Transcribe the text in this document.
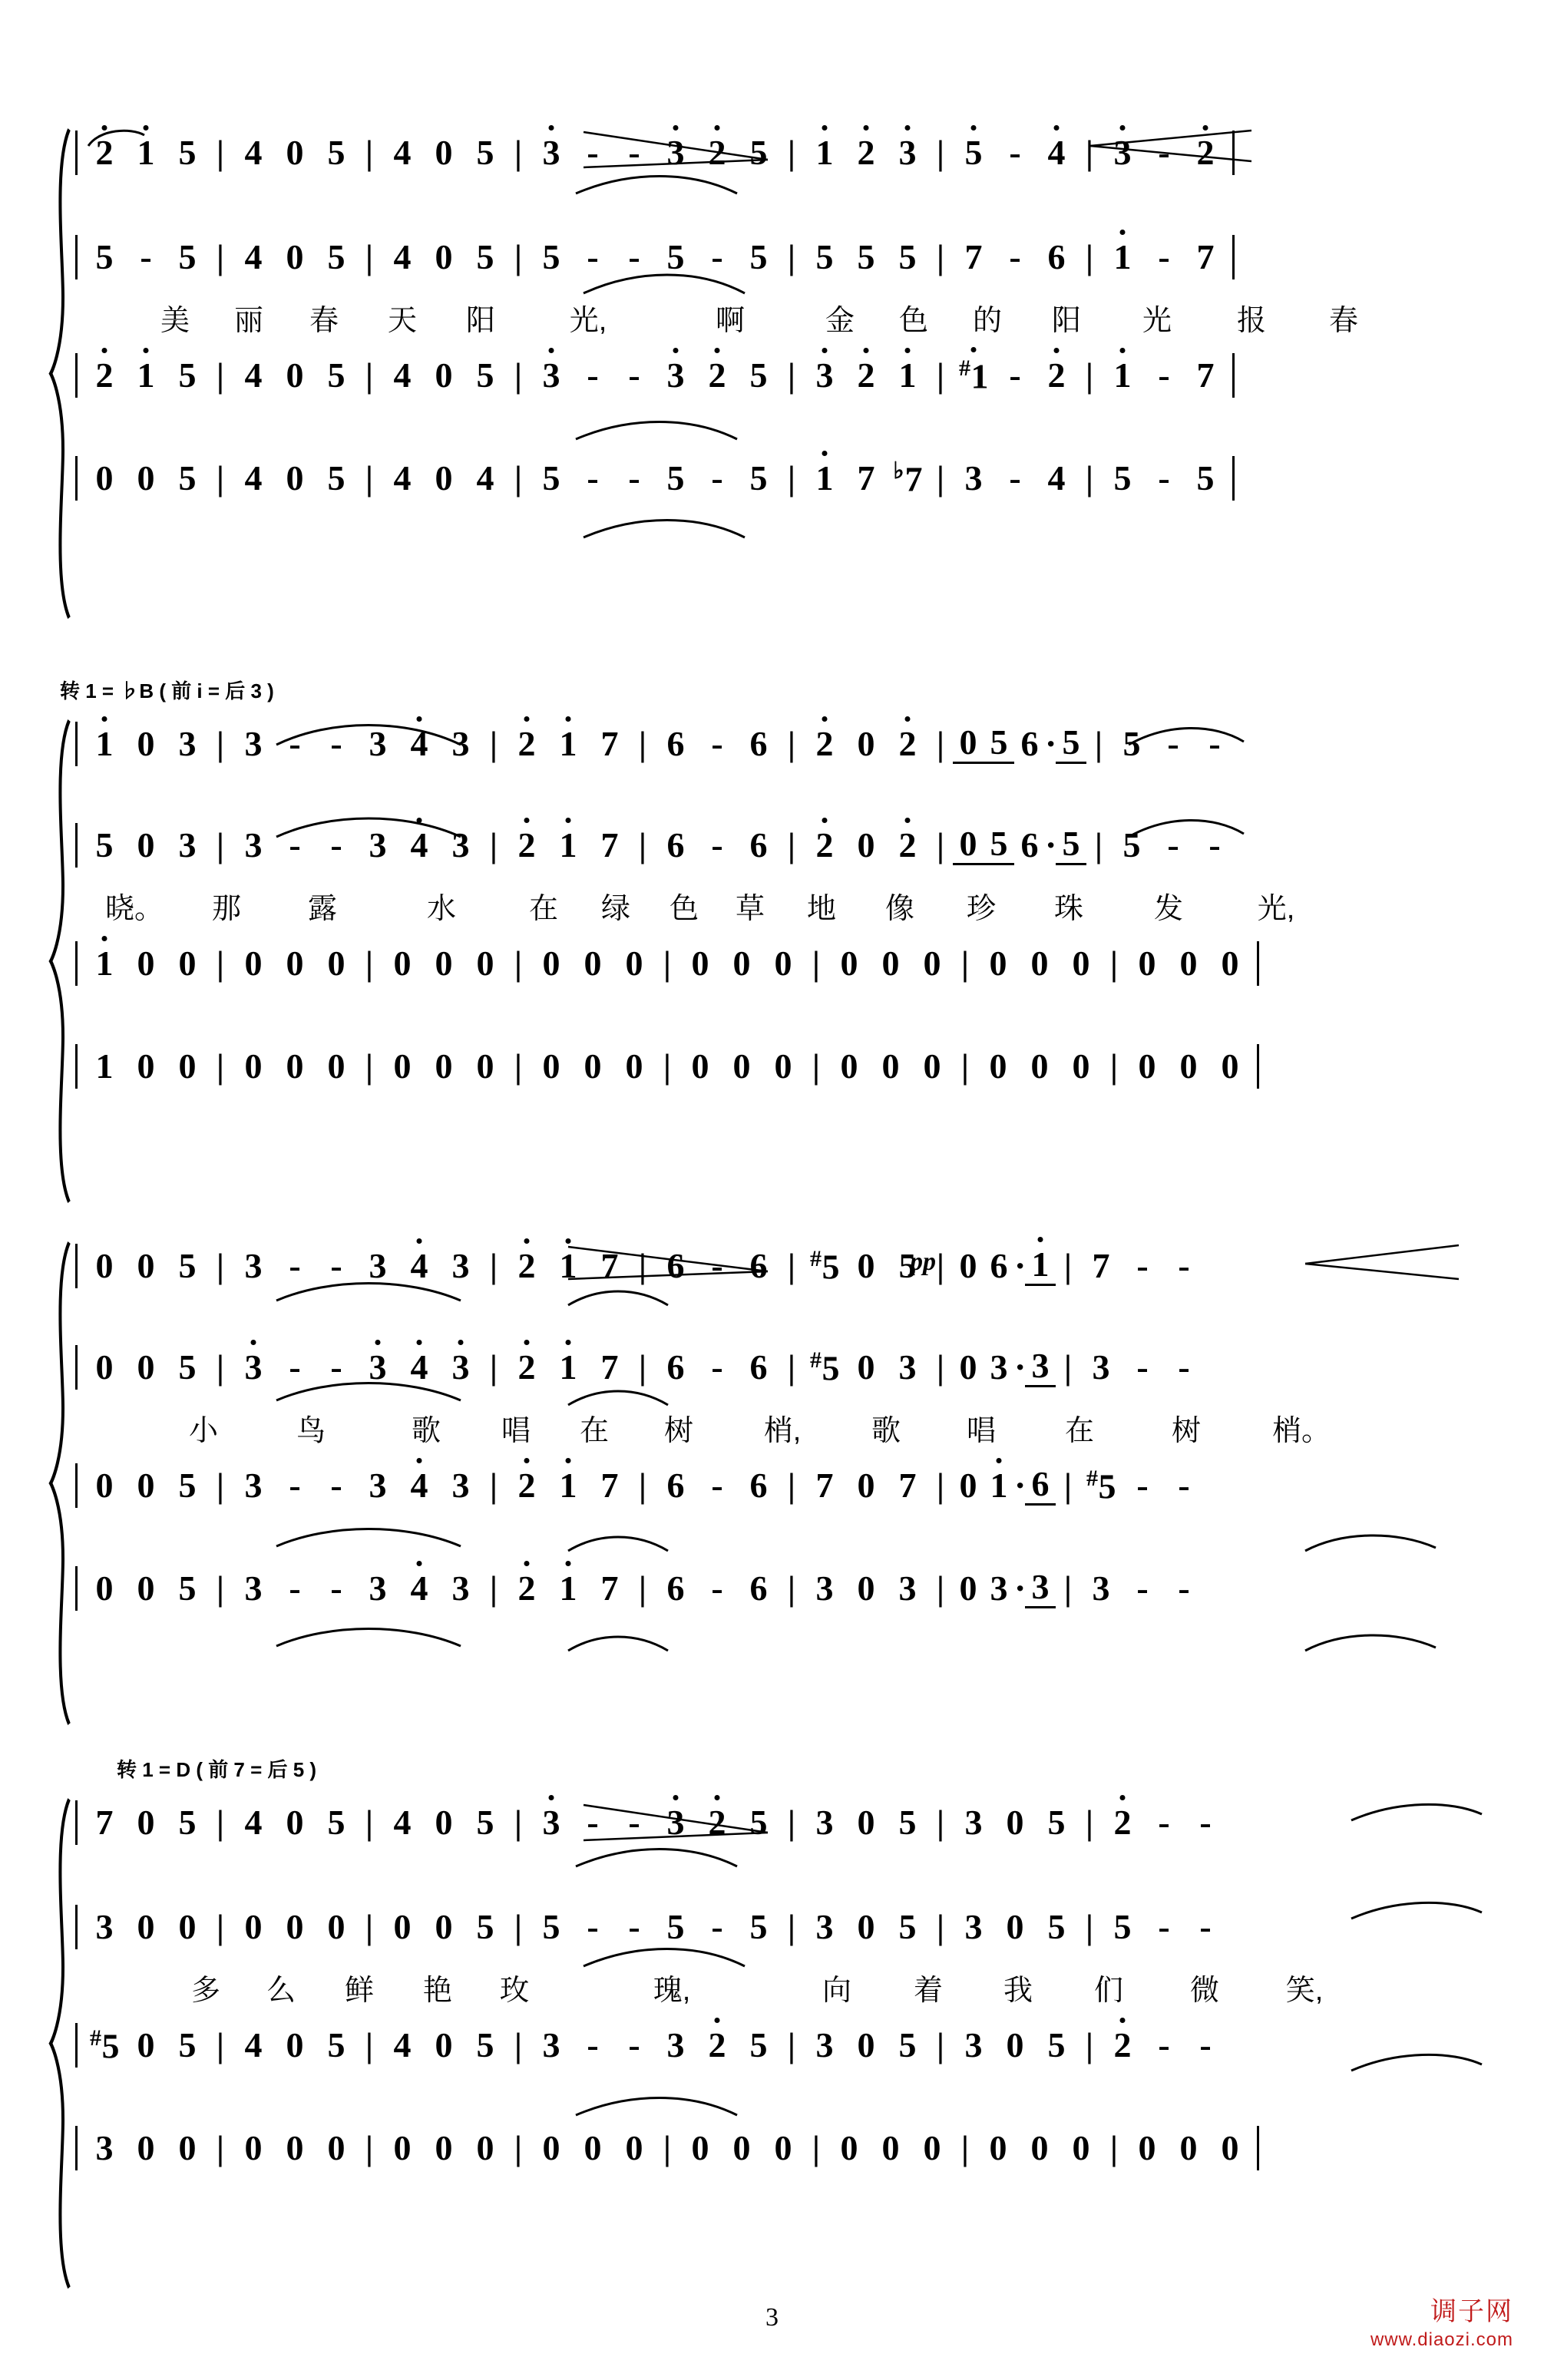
2 1 5 | 4 0 5 | 4 0 5 | 3 - - 3 2 5 | 1 2 3 | 5 - 4 | 3 - 2
5 - 5 | 4 0 5 | 4 0 5 | 5 - - 5 - 5 | 5 5 5 | 7 - 6 | 1 - 7
美	丽	春	天	阳	光,	啊	金	色	的	阳	光	报	春
2 1 5 | 4 0 5 | 4 0 5 | 3 - - 3 2 5 | 3 2 1 | #1 - 2 | 1 - 7
0 0 5 | 4 0 5 | 4 0 4 | 5 - - 5 - 5 | 1 7 ♭7 | 3 - 4 | 5 - 5
转 1 = ♭B ( 前 i = 后 3 )
1 0 3 | 3 - - 3 4 3 | 2 1 7 | 6 - 6 | 2 0 2 | 0 5 6 · 5 | 5 - -
5 0 3 | 3 - - 3 4 3 | 2 1 7 | 6 - 6 | 2 0 2 | 0 5 6 · 5 | 5 - -
晓。	那	露	水	在	绿	色	草	地	像	珍	珠	发	光,
1 0 0 | 0 0 0 | 0 0 0 | 0 0 0 | 0 0 0 | 0 0 0 | 0 0 0 | 0 0 0
1 0 0 | 0 0 0 | 0 0 0 | 0 0 0 | 0 0 0 | 0 0 0 | 0 0 0 | 0 0 0
pp
0 0 5 | 3 - - 3 4 3 | 2 1 7 | 6 - 6 | #5 0 5 | 0 6 · 1 | 7 - -
0 0 5 | 3 - - 3 4 3 | 2 1 7 | 6 - 6 | #5 0 3 | 0 3 · 3 | 3 - -
小	鸟	歌	唱	在	树	梢,	歌	唱	在	树	梢。
0 0 5 | 3 - - 3 4 3 | 2 1 7 | 6 - 6 | 7 0 7 | 0 1 · 6 | #5 - -
0 0 5 | 3 - - 3 4 3 | 2 1 7 | 6 - 6 | 3 0 3 | 0 3 · 3 | 3 - -
转 1 = D ( 前 7 = 后 5 )
7 0 5 | 4 0 5 | 4 0 5 | 3 - - 3 2 5 | 3 0 5 | 3 0 5 | 2 - -
3 0 0 | 0 0 0 | 0 0 5 | 5 - - 5 - 5 | 3 0 5 | 3 0 5 | 5 - -
多	么	鲜	艳	玫	瑰,	向	着	我	们	微	笑,
#5 0 5 | 4 0 5 | 4 0 5 | 3 - - 3 2 5 | 3 0 5 | 3 0 5 | 2 - -
3 0 0 | 0 0 0 | 0 0 0 | 0 0 0 | 0 0 0 | 0 0 0 | 0 0 0 | 0 0 0
3	调子网
www.diaozi.com
